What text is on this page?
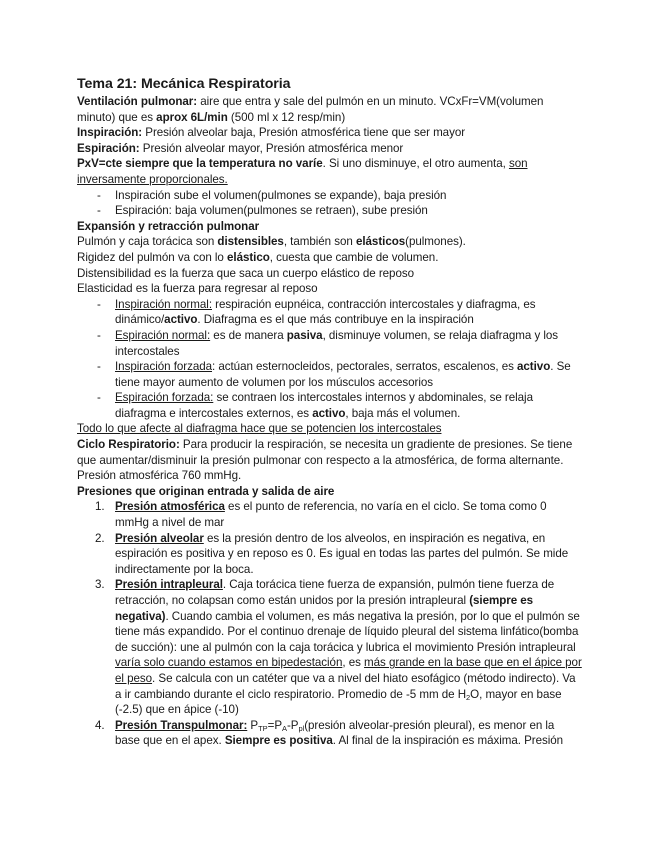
Tema 21: Mecánica Respiratoria

Ventilación pulmonar: aire que entra y sale del pulmón en un minuto. VCxFr=VM(volumen minuto) que es aprox 6L/min (500 ml x 12 resp/min)

Inspiración: Presión alveolar baja, Presión atmosférica tiene que ser mayor

Espiración: Presión alveolar mayor, Presión atmosférica menor

PxV=cte siempre que la temperatura no varíe. Si uno disminuye, el otro aumenta, son inversamente proporcionales.

- Inspiración sube el volumen(pulmones se expande), baja presión
- Espiración: baja volumen(pulmones se retraen), sube presión

Expansión y retracción pulmonar

Pulmón y caja torácica son distensibles, también son elásticos(pulmones).

Rigidez del pulmón va con lo elástico, cuesta que cambie de volumen.

Distensibilidad es la fuerza que saca un cuerpo elástico de reposo

Elasticidad es la fuerza para regresar al reposo

- Inspiración normal: respiración eupnéica, contracción intercostales y diafragma, es dinámico/activo. Diafragma es el que más contribuye en la inspiración
- Espiración normal: es de manera pasiva, disminuye volumen, se relaja diafragma y los intercostales
- Inspiración forzada: actúan esternocleidos, pectorales, serratos, escalenos, es activo. Se tiene mayor aumento de volumen por los músculos accesorios
- Espiración forzada: se contraen los intercostales internos y abdominales, se relaja diafragma e intercostales externos, es activo, baja más el volumen.

Todo lo que afecte al diafragma hace que se potencien los intercostales

Ciclo Respiratorio: Para producir la respiración, se necesita un gradiente de presiones. Se tiene que aumentar/disminuir la presión pulmonar con respecto a la atmosférica, de forma alternante. Presión atmosférica 760 mmHg.

Presiones que originan entrada y salida de aire

1. Presión atmosférica es el punto de referencia, no varía en el ciclo. Se toma como 0 mmHg a nivel de mar
2. Presión alveolar es la presión dentro de los alveolos, en inspiración es negativa, en espiración es positiva y en reposo es 0. Es igual en todas las partes del pulmón. Se mide indirectamente por la boca.
3. Presión intrapleural. Caja torácica tiene fuerza de expansión, pulmón tiene fuerza de retracción, no colapsan como están unidos por la presión intrapleural (siempre es negativa). Cuando cambia el volumen, es más negativa la presión, por lo que el pulmón se tiene más expandido. Por el continuo drenaje de líquido pleural del sistema linfático(bomba de succión): une al pulmón con la caja torácica y lubrica el movimiento Presión intrapleural varía solo cuando estamos en bipedestación, es más grande en la base que en el ápice por el peso. Se calcula con un catéter que va a nivel del hiato esofágico (método indirecto). Va a ir cambiando durante el ciclo respiratorio. Promedio de -5 mm de $H_2O$, mayor en base (-2.5) que en ápice (-10)
4. Presión Transpulmonar: $P_{TP}=P_A-P_{pl}(presión$ alveolar-presión pleural), es menor en la base que en el apex. Siempre es positiva. Al final de la inspiración es máxima. Presión
